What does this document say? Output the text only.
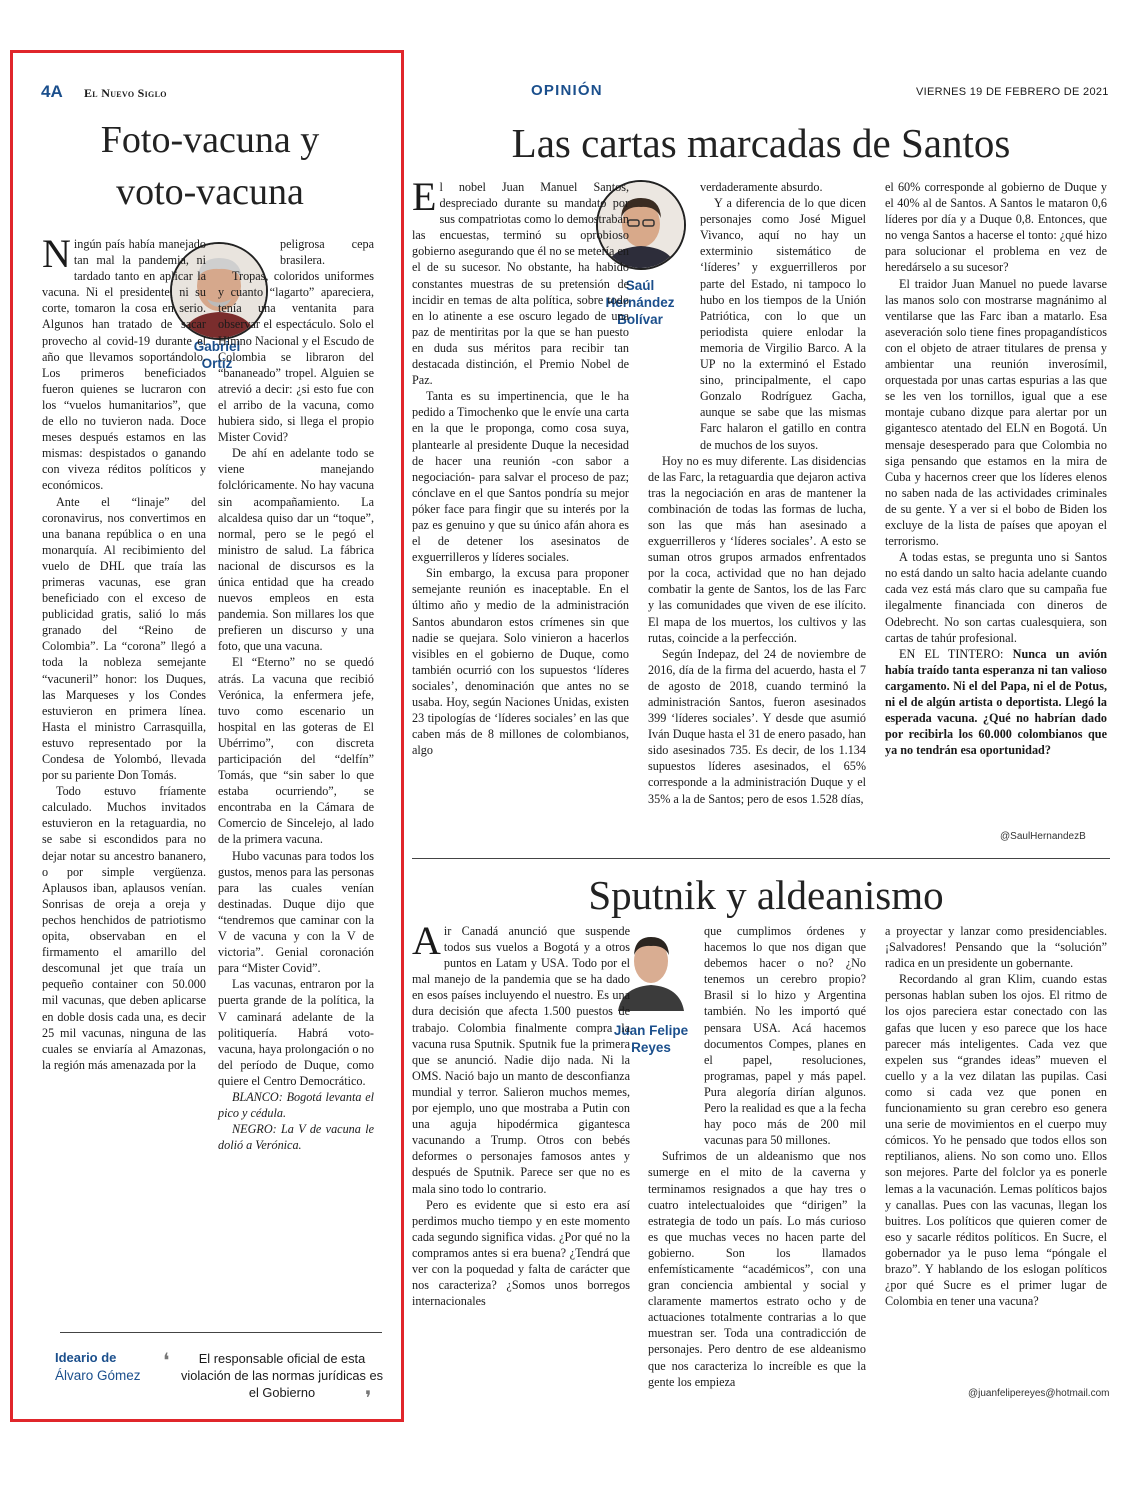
4A El Nuevo Siglo	OPINIÓN	VIERNES 19 DE FEBRERO DE 2021
Foto-vacuna y
voto-vacuna
Gabriel
Ortiz

Ningún país había manejado tan mal la pandemia, ni tardado tanto en aplicar la vacuna. Ni el presidente, ni su corte, tomaron la cosa en serio. Algunos han tratado de sacar provecho al covid-19 durante el año que llevamos soportándolo. Los primeros beneficiados fueron quienes se lucraron con los “vuelos humanitarios”, que de ello no tuvieron nada. Doce meses después estamos en las mismas: despistados o ganando con viveza réditos políticos y económicos.

Ante el “linaje” del coronavirus, nos convertimos en una banana república o en una monarquía. Al recibimiento del vuelo de DHL que traía las primeras vacunas, ese gran beneficiado con el exceso de publicidad gratis, salió lo más granado del “Reino de Colombia”. La “corona” llegó a toda la nobleza semejante “vacuneril” honor: los Duques, las Marqueses y los Condes estuvieron en primera línea. Hasta el ministro Carrasquilla, estuvo representado por la Condesa de Yolombó, llevada por su pariente Don Tomás.

Todo estuvo fríamente calculado. Muchos invitados estuvieron en la retaguardia, no se sabe si escondidos para no dejar notar su ancestro bananero, o por simple vergüenza. Aplausos iban, aplausos venían. Sonrisas de oreja a oreja y pechos henchidos de patriotismo opita, observaban en el firmamento el amarillo del descomunal jet que traía un pequeño container con 50.000 mil vacunas, que deben aplicarse en doble dosis cada una, es decir 25 mil vacunas, ninguna de las cuales se enviaría al Amazonas, la región más amenazada por la

peligrosa cepa brasilera.

Tropas, coloridos uniformes y cuanto “lagarto” apareciera, tenía una ventanita para observar el espectáculo. Solo el Himno Nacional y el Escudo de Colombia se libraron del “bananeado” tropel. Alguien se atrevió a decir: ¿si esto fue con el arribo de la vacuna, como hubiera sido, si llega el propio Mister Covid?

De ahí en adelante todo se viene manejando folclóricamente. No hay vacuna sin acompañamiento. La alcaldesa quiso dar un “toque”, normal, pero se le pegó el ministro de salud. La fábrica nacional de discursos es la única entidad que ha creado nuevos empleos en esta pandemia. Son millares los que prefieren un discurso y una foto, que una vacuna.

El “Eterno” no se quedó atrás. La vacuna que recibió Verónica, la enfermera jefe, tuvo como escenario un hospital en las goteras de El Ubérrimo”, con discreta participación del “delfín” Tomás, que “sin saber lo que estaba ocurriendo”, se encontraba en la Cámara de Comercio de Sincelejo, al lado de la primera vacuna.

Hubo vacunas para todos los gustos, menos para las personas para las cuales venían destinadas. Duque dijo que “tendremos que caminar con la V de vacuna y con la V de victoria”. Genial coronación para “Mister Covid”.

Las vacunas, entraron por la puerta grande de la política, la V caminará adelante de la politiquería. Habrá voto-vacuna, haya prolongación o no del período de Duque, como quiere el Centro Democrático.

BLANCO: Bogotá levanta el pico y cédula.

NEGRO: La V de vacuna le dolió a Verónica.

Ideario de
Álvaro Gómez
❛	El responsable oficial de esta violación de las normas jurídicas es el Gobierno	❜
Las cartas marcadas de Santos
Saúl
Hernández
Bolívar

El nobel Juan Manuel Santos, despreciado durante su mandato por sus compatriotas como lo demostraban las encuestas, terminó su oprobioso gobierno asegurando que él no se metería en el de su sucesor. No obstante, ha habido constantes muestras de su pretensión de incidir en temas de alta política, sobre todo en lo atinente a ese oscuro legado de una paz de mentiritas por la que se han puesto en duda sus méritos para recibir tan destacada distinción, el Premio Nobel de Paz.

Tanta es su impertinencia, que le ha pedido a Timochenko que le envíe una carta en la que le proponga, como cosa suya, plantearle al presidente Duque la necesidad de hacer una reunión -con sabor a negociación- para salvar el proceso de paz; cónclave en el que Santos pondría su mejor póker face para fingir que su interés por la paz es genuino y que su único afán ahora es el de detener los asesinatos de exguerrilleros y líderes sociales.

Sin embargo, la excusa para proponer semejante reunión es inaceptable. En el último año y medio de la administración Santos abundaron estos crímenes sin que nadie se quejara. Solo vinieron a hacerlos visibles en el gobierno de Duque, como también ocurrió con los supuestos ‘líderes sociales’, denominación que antes no se usaba. Hoy, según Naciones Unidas, existen 23 tipologías de ‘líderes sociales’ en las que caben más de 8 millones de colombianos, algo

verdaderamente absurdo.

Y a diferencia de lo que dicen personajes como José Miguel Vivanco, aquí no hay un exterminio sistemático de ‘líderes’ y exguerrilleros por parte del Estado, ni tampoco lo hubo en los tiempos de la Unión Patriótica, con lo que un periodista quiere enlodar la memoria de Virgilio Barco. A la UP no la exterminó el Estado sino, principalmente, el capo Gonzalo Rodríguez Gacha, aunque se sabe que las mismas Farc halaron el gatillo en contra de muchos de los suyos.

Hoy no es muy diferente. Las disidencias de las Farc, la retaguardia que dejaron activa tras la negociación en aras de mantener la combinación de todas las formas de lucha, son las que más han asesinado a exguerrilleros y ‘líderes sociales’. A esto se suman otros grupos armados enfrentados por la coca, actividad que no han dejado combatir la gente de Santos, los de las Farc y las comunidades que viven de ese ilícito. El mapa de los muertos, los cultivos y las rutas, coincide a la perfección.

Según Indepaz, del 24 de noviembre de 2016, día de la firma del acuerdo, hasta el 7 de agosto de 2018, cuando terminó la administración Santos, fueron asesinados 399 ‘líderes sociales’. Y desde que asumió Iván Duque hasta el 31 de enero pasado, han sido asesinados 735. Es decir, de los 1.134 supuestos líderes asesinados, el 65% corresponde a la administración Duque y el 35% a la de Santos; pero de esos 1.528 días,

el 60% corresponde al gobierno de Duque y el 40% al de Santos. A Santos le mataron 0,6 líderes por día y a Duque 0,8. Entonces, que no venga Santos a hacerse el tonto: ¿qué hizo para solucionar el problema en vez de heredárselo a su sucesor?

El traidor Juan Manuel no puede lavarse las manos solo con mostrarse magnánimo al ventilarse que las Farc iban a matarlo. Esa aseveración solo tiene fines propagandísticos con el objeto de atraer titulares de prensa y ambientar una reunión inverosímil, orquestada por unas cartas espurias a las que se les ven los tornillos, igual que a ese montaje cubano dizque para alertar por un gigantesco atentado del ELN en Bogotá. Un mensaje desesperado para que Colombia no siga pensando que estamos en la mira de Cuba y hacernos creer que los líderes elenos no saben nada de las actividades criminales de su gente. Y a ver si el bobo de Biden los excluye de la lista de países que apoyan el terrorismo.

A todas estas, se pregunta uno si Santos no está dando un salto hacia adelante cuando cada vez está más claro que su campaña fue ilegalmente financiada con dineros de Odebrecht. No son cartas cualesquiera, son cartas de tahúr profesional.

EN EL TINTERO: Nunca un avión había traído tanta esperanza ni tan valioso cargamento. Ni el del Papa, ni el de Potus, ni el de algún artista o deportista. Llegó la esperada vacuna. ¿Qué no habrían dado por recibirla los 60.000 colombianos que ya no tendrán esa oportunidad?

@SaulHernandezB
Sputnik y aldeanismo
Juan Felipe
Reyes

Air Canadá anunció que suspende todos sus vuelos a Bogotá y a otros puntos en Latam y USA. Todo por el mal manejo de la pandemia que se ha dado en esos países incluyendo el nuestro. Es una dura decisión que afecta 1.500 puestos de trabajo. Colombia finalmente compra la vacuna rusa Sputnik. Sputnik fue la primera que se anunció. Nadie dijo nada. Ni la OMS. Nació bajo un manto de desconfianza mundial y terror. Salieron muchos memes, por ejemplo, uno que mostraba a Putin con una aguja hipodérmica gigantesca vacunando a Trump. Otros con bebés deformes o personajes famosos antes y después de Sputnik. Parece ser que no es mala sino todo lo contrario.

Pero es evidente que si esto era así perdimos mucho tiempo y en este momento cada segundo significa vidas. ¿Por qué no la compramos antes si era buena? ¿Tendrá que ver con la poquedad y falta de carácter que nos caracteriza? ¿Somos unos borregos internacionales

que cumplimos órdenes y hacemos lo que nos digan que debemos hacer o no? ¿No tenemos un cerebro propio? Brasil si lo hizo y Argentina también. No les importó qué pensara USA. Acá hacemos documentos Compes, planes en el papel, resoluciones, programas, papel y más papel. Pura alegoría dirían algunos. Pero la realidad es que a la fecha hay poco más de 200 mil vacunas para 50 millones.

Sufrimos de un aldeanismo que nos sumerge en el mito de la caverna y terminamos resignados a que hay tres o cuatro intelectualoides que “dirigen” la estrategia de todo un país. Lo más curioso es que muchas veces no hacen parte del gobierno. Son los llamados enfemísticamente “académicos”, con una gran conciencia ambiental y social y claramente mamertos estrato ocho y de actuaciones totalmente contrarias a lo que muestran ser. Toda una contradicción de personajes. Pero dentro de ese aldeanismo que nos caracteriza lo increíble es que la gente los empieza

a proyectar y lanzar como presidenciables. ¡Salvadores! Pensando que la “solución” radica en un presidente un gobernante.

Recordando al gran Klim, cuando estas personas hablan suben los ojos. El ritmo de los ojos pareciera estar conectado con las gafas que lucen y eso parece que los hace parecer más inteligentes. Cada vez que expelen sus “grandes ideas” mueven el cuello y a la vez dilatan las pupilas. Casi como si cada vez que ponen en funcionamiento su gran cerebro eso genera una serie de movimientos en el cuerpo muy cómicos. Yo he pensado que todos ellos son reptilianos, aliens. No son como uno. Ellos son mejores. Parte del folclor ya es ponerle lemas a la vacunación. Lemas políticos bajos y canallas. Pues con las vacunas, llegan los buitres. Los políticos que quieren comer de eso y sacarle réditos políticos. En Sucre, el gobernador ya le puso lema “póngale el brazo”. Y hablando de los eslogan políticos ¿por qué Sucre es el primer lugar de Colombia en tener una vacuna?

@juanfelipereyes@hotmail.com
